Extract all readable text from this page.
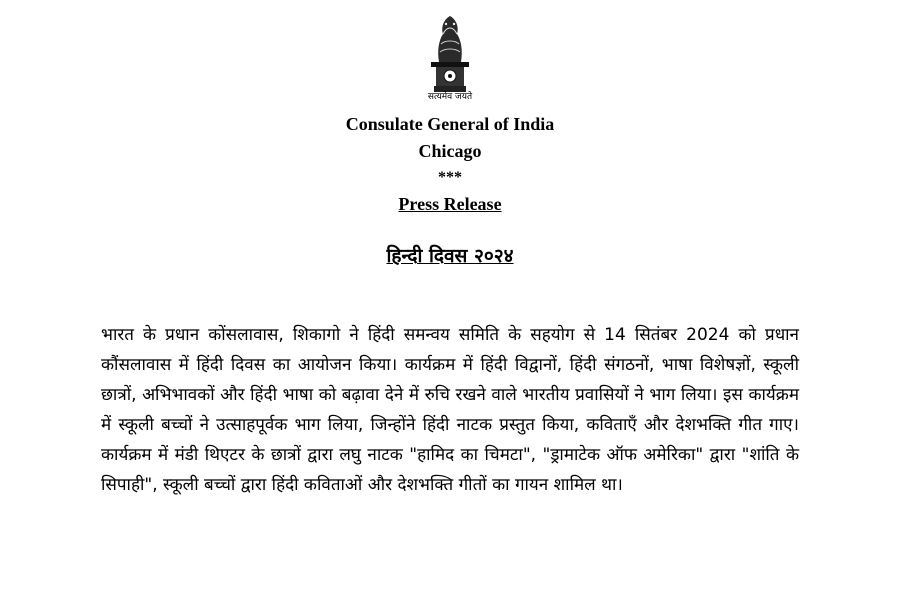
सत्यमेव जयते
Consulate General of India
Chicago
***
Press Release
हिन्दी दिवस २०२४

भारत के प्रधान कोंसलावास, शिकागो ने हिंदी समन्वय समिति के सहयोग से 14 सितंबर 2024 को प्रधान कौंसलावास में हिंदी दिवस का आयोजन किया। कार्यक्रम में हिंदी विद्वानों, हिंदी संगठनों, भाषा विशेषज्ञों, स्कूली छात्रों, अभिभावकों और हिंदी भाषा को बढ़ावा देने में रुचि रखने वाले भारतीय प्रवासियों ने भाग लिया। इस कार्यक्रम में स्कूली बच्चों ने उत्साहपूर्वक भाग लिया, जिन्होंने हिंदी नाटक प्रस्तुत किया, कविताएँ और देशभक्ति गीत गाए। कार्यक्रम में मंडी थिएटर के छात्रों द्वारा लघु नाटक "हामिद का चिमटा", "ड्रामाटेक ऑफ अमेरिका" द्वारा "शांति के सिपाही", स्कूली बच्चों द्वारा हिंदी कविताओं और देशभक्ति गीतों का गायन शामिल था।
